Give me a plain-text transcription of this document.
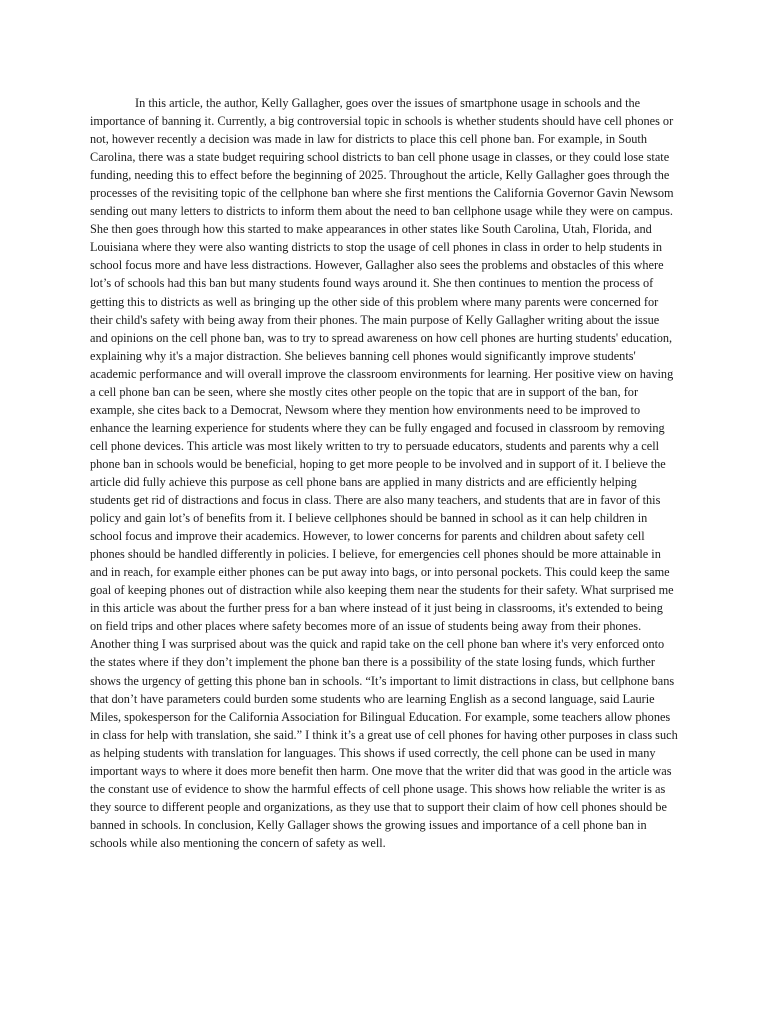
In this article, the author, Kelly Gallagher, goes over the issues of smartphone usage in schools and the importance of banning it. Currently, a big controversial topic in schools is whether students should have cell phones or not, however recently a decision was made in law for districts to place this cell phone ban. For example, in South Carolina, there was a state budget requiring school districts to ban cell phone usage in classes, or they could lose state funding, needing this to effect before the beginning of 2025. Throughout the article, Kelly Gallagher goes through the processes of the revisiting topic of the cellphone ban where she first mentions the California Governor Gavin Newsom sending out many letters to districts to inform them about the need to ban cellphone usage while they were on campus. She then goes through how this started to make appearances in other states like South Carolina, Utah, Florida, and Louisiana where they were also wanting districts to stop the usage of cell phones in class in order to help students in school focus more and have less distractions. However, Gallagher also sees the problems and obstacles of this where lot’s of schools had this ban but many students found ways around it. She then continues to mention the process of getting this to districts as well as bringing up the other side of this problem where many parents were concerned for their child's safety with being away from their phones. The main purpose of Kelly Gallagher writing about the issue and opinions on the cell phone ban, was to try to spread awareness on how cell phones are hurting students' education, explaining why it's a major distraction. She believes banning cell phones would significantly improve students' academic performance and will overall improve the classroom environments for learning. Her positive view on having a cell phone ban can be seen, where she mostly cites other people on the topic that are in support of the ban, for example, she cites back to a Democrat, Newsom where they mention how environments need to be improved to enhance the learning experience for students where they can be fully engaged and focused in classroom by removing cell phone devices. This article was most likely written to try to persuade educators, students and parents why a cell phone ban in schools would be beneficial, hoping to get more people to be involved and in support of it. I believe the article did fully achieve this purpose as cell phone bans are applied in many districts and are efficiently helping students get rid of distractions and focus in class. There are also many teachers, and students that are in favor of this policy and gain lot’s of benefits from it. I believe cellphones should be banned in school as it can help children in school focus and improve their academics. However, to lower concerns for parents and children about safety cell phones should be handled differently in policies. I believe, for emergencies cell phones should be more attainable in and in reach, for example either phones can be put away into bags, or into personal pockets. This could keep the same goal of keeping phones out of distraction while also keeping them near the students for their safety. What surprised me in this article was about the further press for a ban where instead of it just being in classrooms, it's extended to being on field trips and other places where safety becomes more of an issue of students being away from their phones. Another thing I was surprised about was the quick and rapid take on the cell phone ban where it's very enforced onto the states where if they don’t implement the phone ban there is a possibility of the state losing funds, which further shows the urgency of getting this phone ban in schools. “It’s important to limit distractions in class, but cellphone bans that don’t have parameters could burden some students who are learning English as a second language, said Laurie Miles, spokesperson for the California Association for Bilingual Education. For example, some teachers allow phones in class for help with translation, she said.” I think it’s a great use of cell phones for having other purposes in class such as helping students with translation for languages. This shows if used correctly, the cell phone can be used in many important ways to where it does more benefit then harm. One move that the writer did that was good in the article was the constant use of evidence to show the harmful effects of cell phone usage. This shows how reliable the writer is as they source to different people and organizations, as they use that to support their claim of how cell phones should be banned in schools. In conclusion, Kelly Gallager shows the growing issues and importance of a cell phone ban in schools while also mentioning the concern of safety as well.
